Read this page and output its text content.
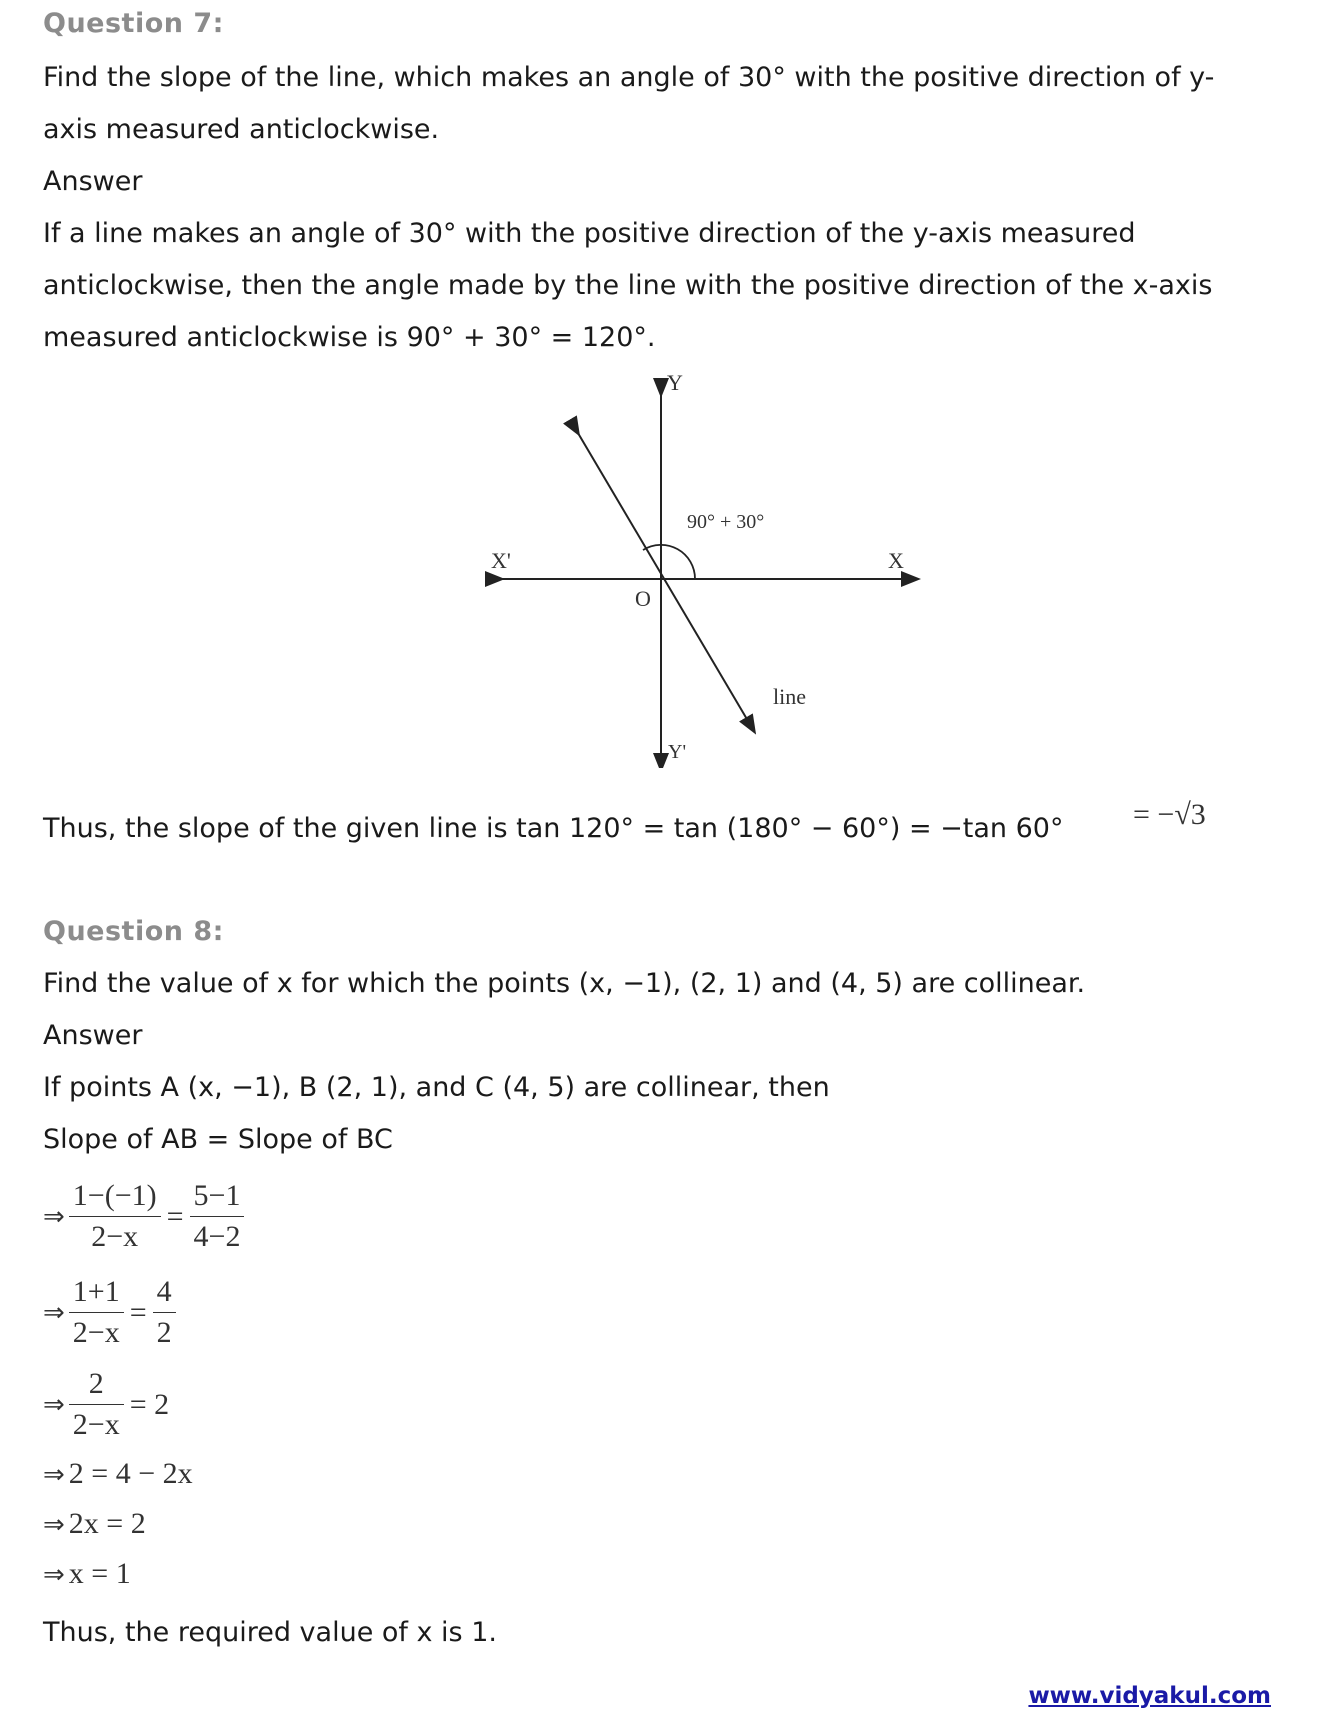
Question 7:
Find the slope of the line, which makes an angle of 30° with the positive direction of y-
axis measured anticlockwise.
Answer
If a line makes an angle of 30° with the positive direction of the y-axis measured
anticlockwise, then the angle made by the line with the positive direction of the x-axis
measured anticlockwise is 90° + 30° = 120°.
Y
Y'
X
X'
O
90° + 30°
line
Thus, the slope of the given line is tan 120° = tan (180° − 60°) = −tan 60° = −√3
Question 8:
Find the value of x for which the points (x, −1), (2, 1) and (4, 5) are collinear.
Answer
If points A (x, −1), B (2, 1), and C (4, 5) are collinear, then
Slope of AB = Slope of BC
⇒ $\frac{1-(-1)}{2-x} = \frac{5-1}{4-2}$
⇒ $\frac{1+1}{2-x} = \frac{4}{2}$
⇒ $\frac{2}{2-x} = 2$
⇒ 2 = 4 − 2x
⇒ 2x = 2
⇒ x = 1
Thus, the required value of x is 1.
www.vidyakul.com
